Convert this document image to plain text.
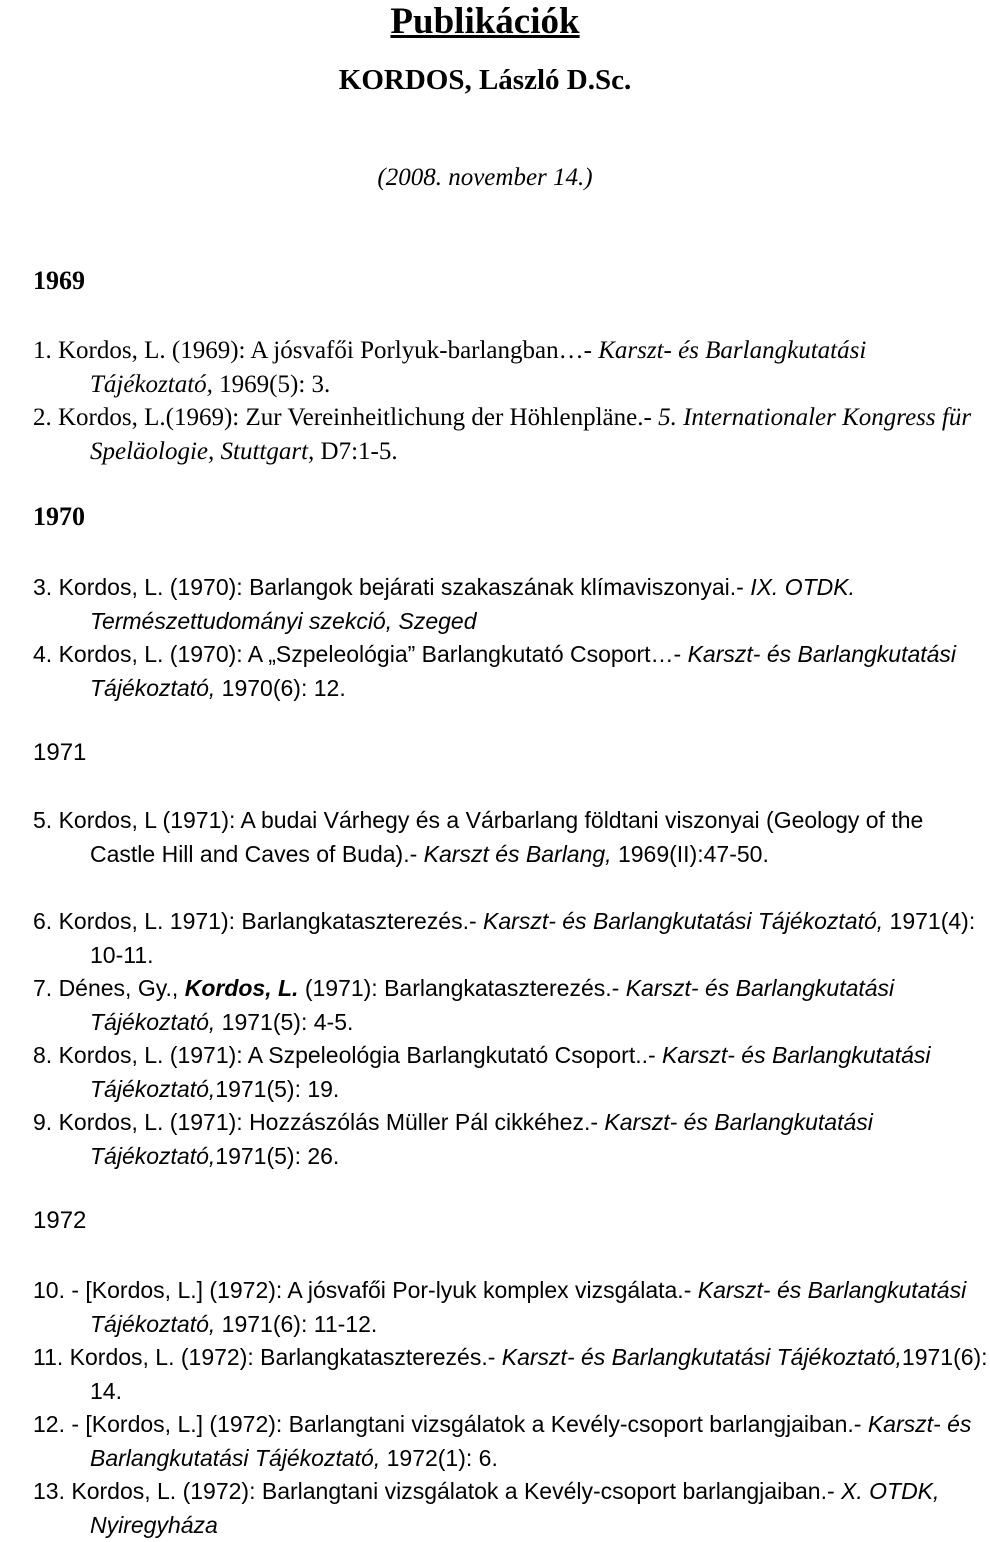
Publikációk
KORDOS, László D.Sc.
(2008. november 14.)
1969
1. Kordos, L. (1969): A jósvafői Porlyuk-barlangban…- Karszt- és Barlangkutatási Tájékoztató, 1969(5): 3.
2. Kordos, L.(1969): Zur Vereinheitlichung der Höhlenpläne.- 5. Internationaler Kongress für Speläologie, Stuttgart, D7:1-5.
1970
3. Kordos, L. (1970): Barlangok bejárati szakaszának klímaviszonyai.- IX. OTDK. Természettudományi szekció, Szeged
4. Kordos, L. (1970): A „Szpeleológia” Barlangkutató Csoport…- Karszt- és Barlangkutatási Tájékoztató, 1970(6): 12.
1971
5. Kordos, L (1971): A budai Várhegy és a Várbarlang földtani viszonyai (Geology of the Castle Hill and Caves of Buda).- Karszt és Barlang, 1969(II):47-50.
6. Kordos, L. 1971): Barlangkataszterezés.- Karszt- és Barlangkutatási Tájékoztató, 1971(4): 10-11.
7. Dénes, Gy., Kordos, L. (1971): Barlangkataszterezés.- Karszt- és Barlangkutatási Tájékoztató, 1971(5): 4-5.
8. Kordos, L. (1971): A Szpeleológia Barlangkutató Csoport..- Karszt- és Barlangkutatási Tájékoztató,1971(5): 19.
9. Kordos, L. (1971): Hozzászólás Müller Pál cikkéhez.- Karszt- és Barlangkutatási Tájékoztató,1971(5): 26.
1972
10. - [Kordos, L.] (1972): A jósvafői Por-lyuk komplex vizsgálata.- Karszt- és Barlangkutatási Tájékoztató, 1971(6): 11-12.
11. Kordos, L. (1972): Barlangkataszterezés.- Karszt- és Barlangkutatási Tájékoztató,1971(6): 14.
12. - [Kordos, L.] (1972): Barlangtani vizsgálatok a Kevély-csoport barlangjaiban.- Karszt- és Barlangkutatási Tájékoztató, 1972(1): 6.
13. Kordos, L. (1972): Barlangtani vizsgálatok a Kevély-csoport barlangjaiban.- X. OTDK, Nyiregyháza
